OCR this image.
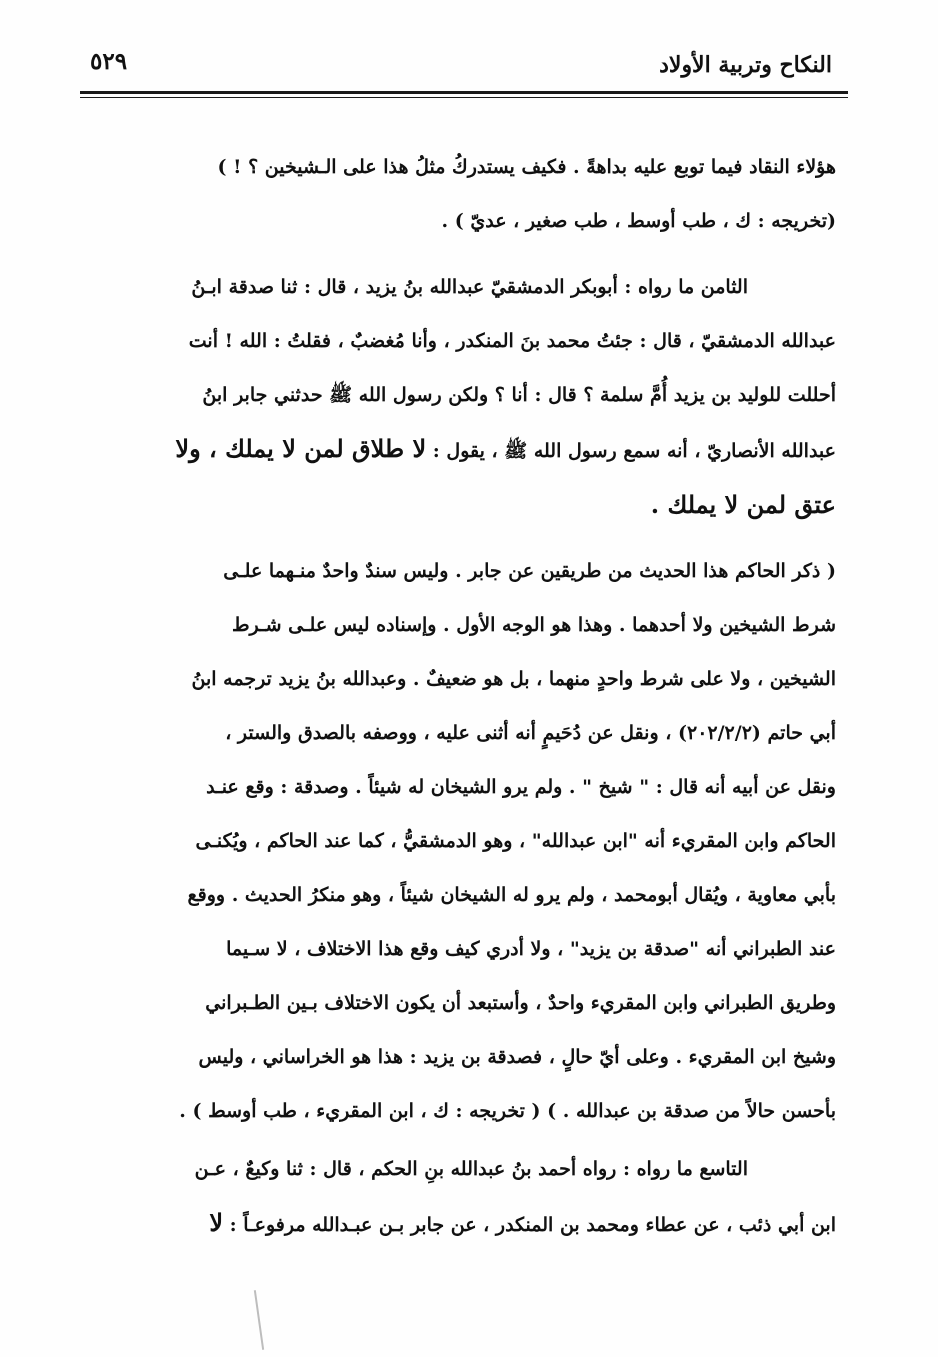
النكاح وتربية الأولاد
٥٢٩

هؤلاء النقاد فيما توبع عليه بداهةً . فكيف يستدركُ مثلُ هذا على الـشيخين ؟ ! )

(تخريجه : ك ، طب أوسط ، طب صغير ، عديّ ) .

الثامن ما رواه : أبوبكر الدمشقيّ عبدالله بنُ يزيد ، قال : ثنا صدقة ابـنُ

عبدالله الدمشقيّ ، قال : جئتُ محمد بنَ المنكدر ، وأنا مُغضبٌ ، فقلتُ : الله ! أنت

أحللت للوليد بن يزيد أُمَّ سلمة ؟ قال : أنا ؟ ولكن رسول الله ﷺ حدثني جابر ابنُ

عبدالله الأنصاريّ ، أنه سمع رسول الله ﷺ ، يقول : لا طلاق لمن لا يملك ، ولا

عتق لمن لا يملك .

( ذكر الحاكم هذا الحديث من طريقين عن جابر . وليس سندٌ واحدٌ منـهما علـى

شرط الشيخين ولا أحدهما . وهذا هو الوجه الأول . وإسناده ليس علـى شـرط

الشيخين ، ولا على شرط واحدٍ منهما ، بل هو ضعيفٌ . وعبدالله بنُ يزيد ترجمه ابنُ

أبي حاتم (٢٠٢/٢/٢) ، ونقل عن دُحَيمٍ أنه أثنى عليه ، ووصفه بالصدق والستر ،

ونقل عن أبيه أنه قال : " شيخ " . ولم يرو الشيخان له شيئاً . وصدقة : وقع عنـد

الحاكم وابن المقريء أنه "ابن عبدالله" ، وهو الدمشقيُّ ، كما عند الحاكم ، ويُكنـى

بأبي معاوية ، ويُقال أبومحمد ، ولم يرو له الشيخان شيئاً ، وهو منكرُ الحديث . ووقع

عند الطبراني أنه "صدقة بن يزيد" ، ولا أدري كيف وقع هذا الاختلاف ، لا سـيما

وطريق الطبراني وابن المقريء واحدٌ ، وأستبعد أن يكون الاختلاف بـين الطـبراني

وشيخ ابن المقريء . وعلى أيّ حالٍ ، فصدقة بن يزيد : هذا هو الخراساني ، وليس

بأحسن حالاً من صدقة بن عبدالله . ) ( تخريجه : ك ، ابن المقريء ، طب أوسط ) .

التاسع ما رواه : رواه أحمد بنُ عبدالله بنِ الحكم ، قال : ثنا وكيعٌ ، عـن

ابن أبي ذئب ، عن عطاء ومحمد بن المنكدر ، عن جابر بـن عبـدالله مرفوعـاً : لا
